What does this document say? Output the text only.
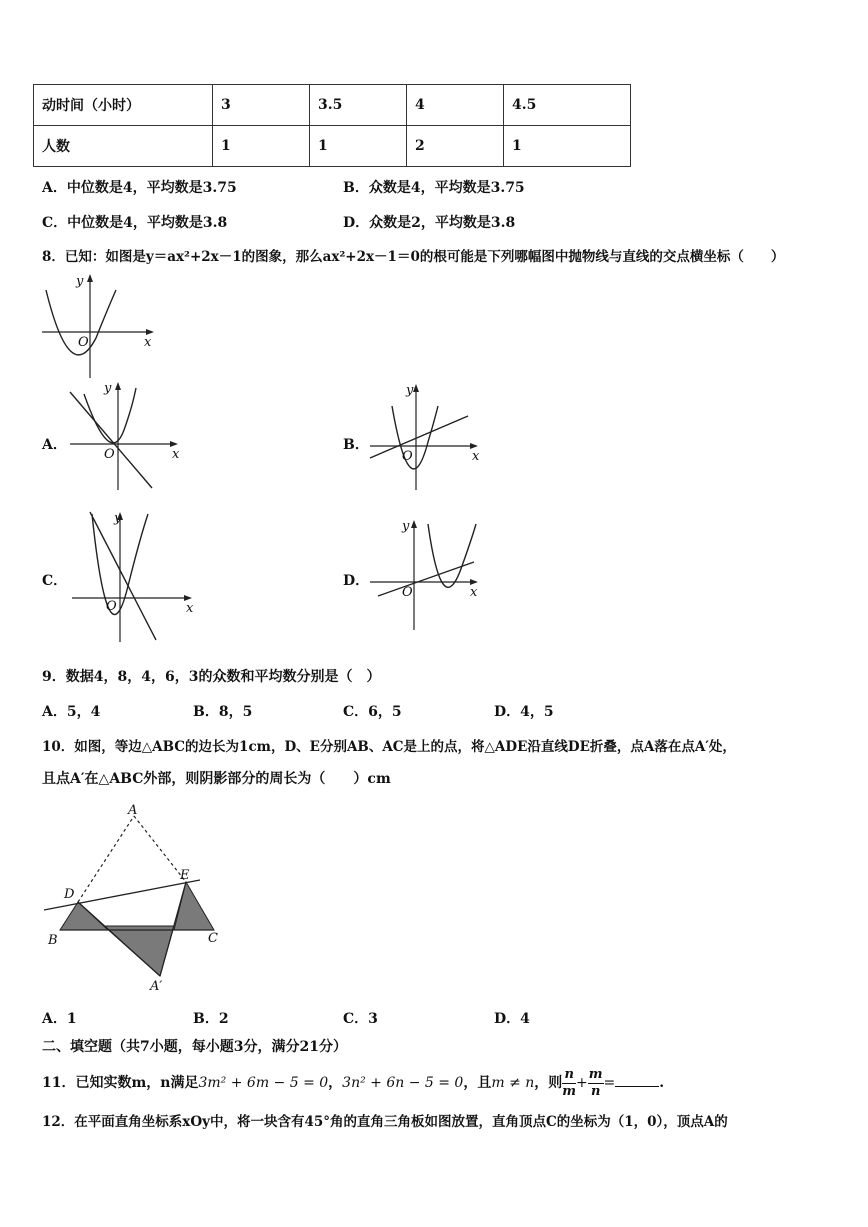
动时间（小时）	3	3.5	4	4.5
人数	1	1	2	1
A．中位数是4，平均数是3.75	B．众数是4，平均数是3.75
C．中位数是4，平均数是3.8	D．众数是2，平均数是3.8
8．已知：如图是y＝ax²+2x－1的图象，那么ax²+2x－1＝0的根可能是下列哪幅图中抛物线与直线的交点横坐标（　　）
y
x
O
A．
y
x
O
B．
y
x
O
C．
y
x
O
D．
y
x
O
9．数据4，8，4，6，3的众数和平均数分别是（　）
A．5，4	B．8，5	C．6，5	D．4，5
10．如图，等边△ABC的边长为1cm，D、E分别AB、AC是上的点，将△ADE沿直线DE折叠，点A落在点A′处，
且点A′在△ABC外部，则阴影部分的周长为（　　）cm
A
D
E
B	C
A′
A．1	B．2	C．3	D．4
二、填空题（共7小题，每小题3分，满分21分）
11．已知实数m，n满足3m² + 6m − 5 = 0，3n² + 6n − 5 = 0，且m ≠ n，则 $\frac{n}{m} + \frac{m}{n}$ =	.
12．在平面直角坐标系xOy中，将一块含有45°角的直角三角板如图放置，直角顶点C的坐标为（1，0），顶点A的
